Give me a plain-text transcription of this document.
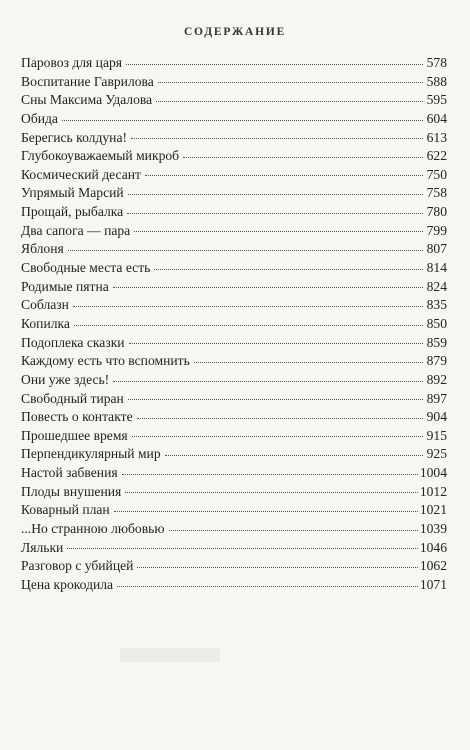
СОДЕРЖАНИЕ
Паровоз для царя	578
Воспитание Гаврилова	588
Сны Максима Удалова	595
Обида	604
Берегись колдуна!	613
Глубокоуважаемый микроб	622
Космический десант	750
Упрямый Марсий	758
Прощай, рыбалка	780
Два сапога — пара	799
Яблоня	807
Свободные места есть	814
Родимые пятна	824
Соблазн	835
Копилка	850
Подоплека сказки	859
Каждому есть что вспомнить	879
Они уже здесь!	892
Свободный тиран	897
Повесть о контакте	904
Прошедшее время	915
Перпендикулярный мир	925
Настой забвения	1004
Плоды внушения	1012
Коварный план	1021
...Но странною любовью	1039
Ляльки	1046
Разговор с убийцей	1062
Цена крокодила	1071
